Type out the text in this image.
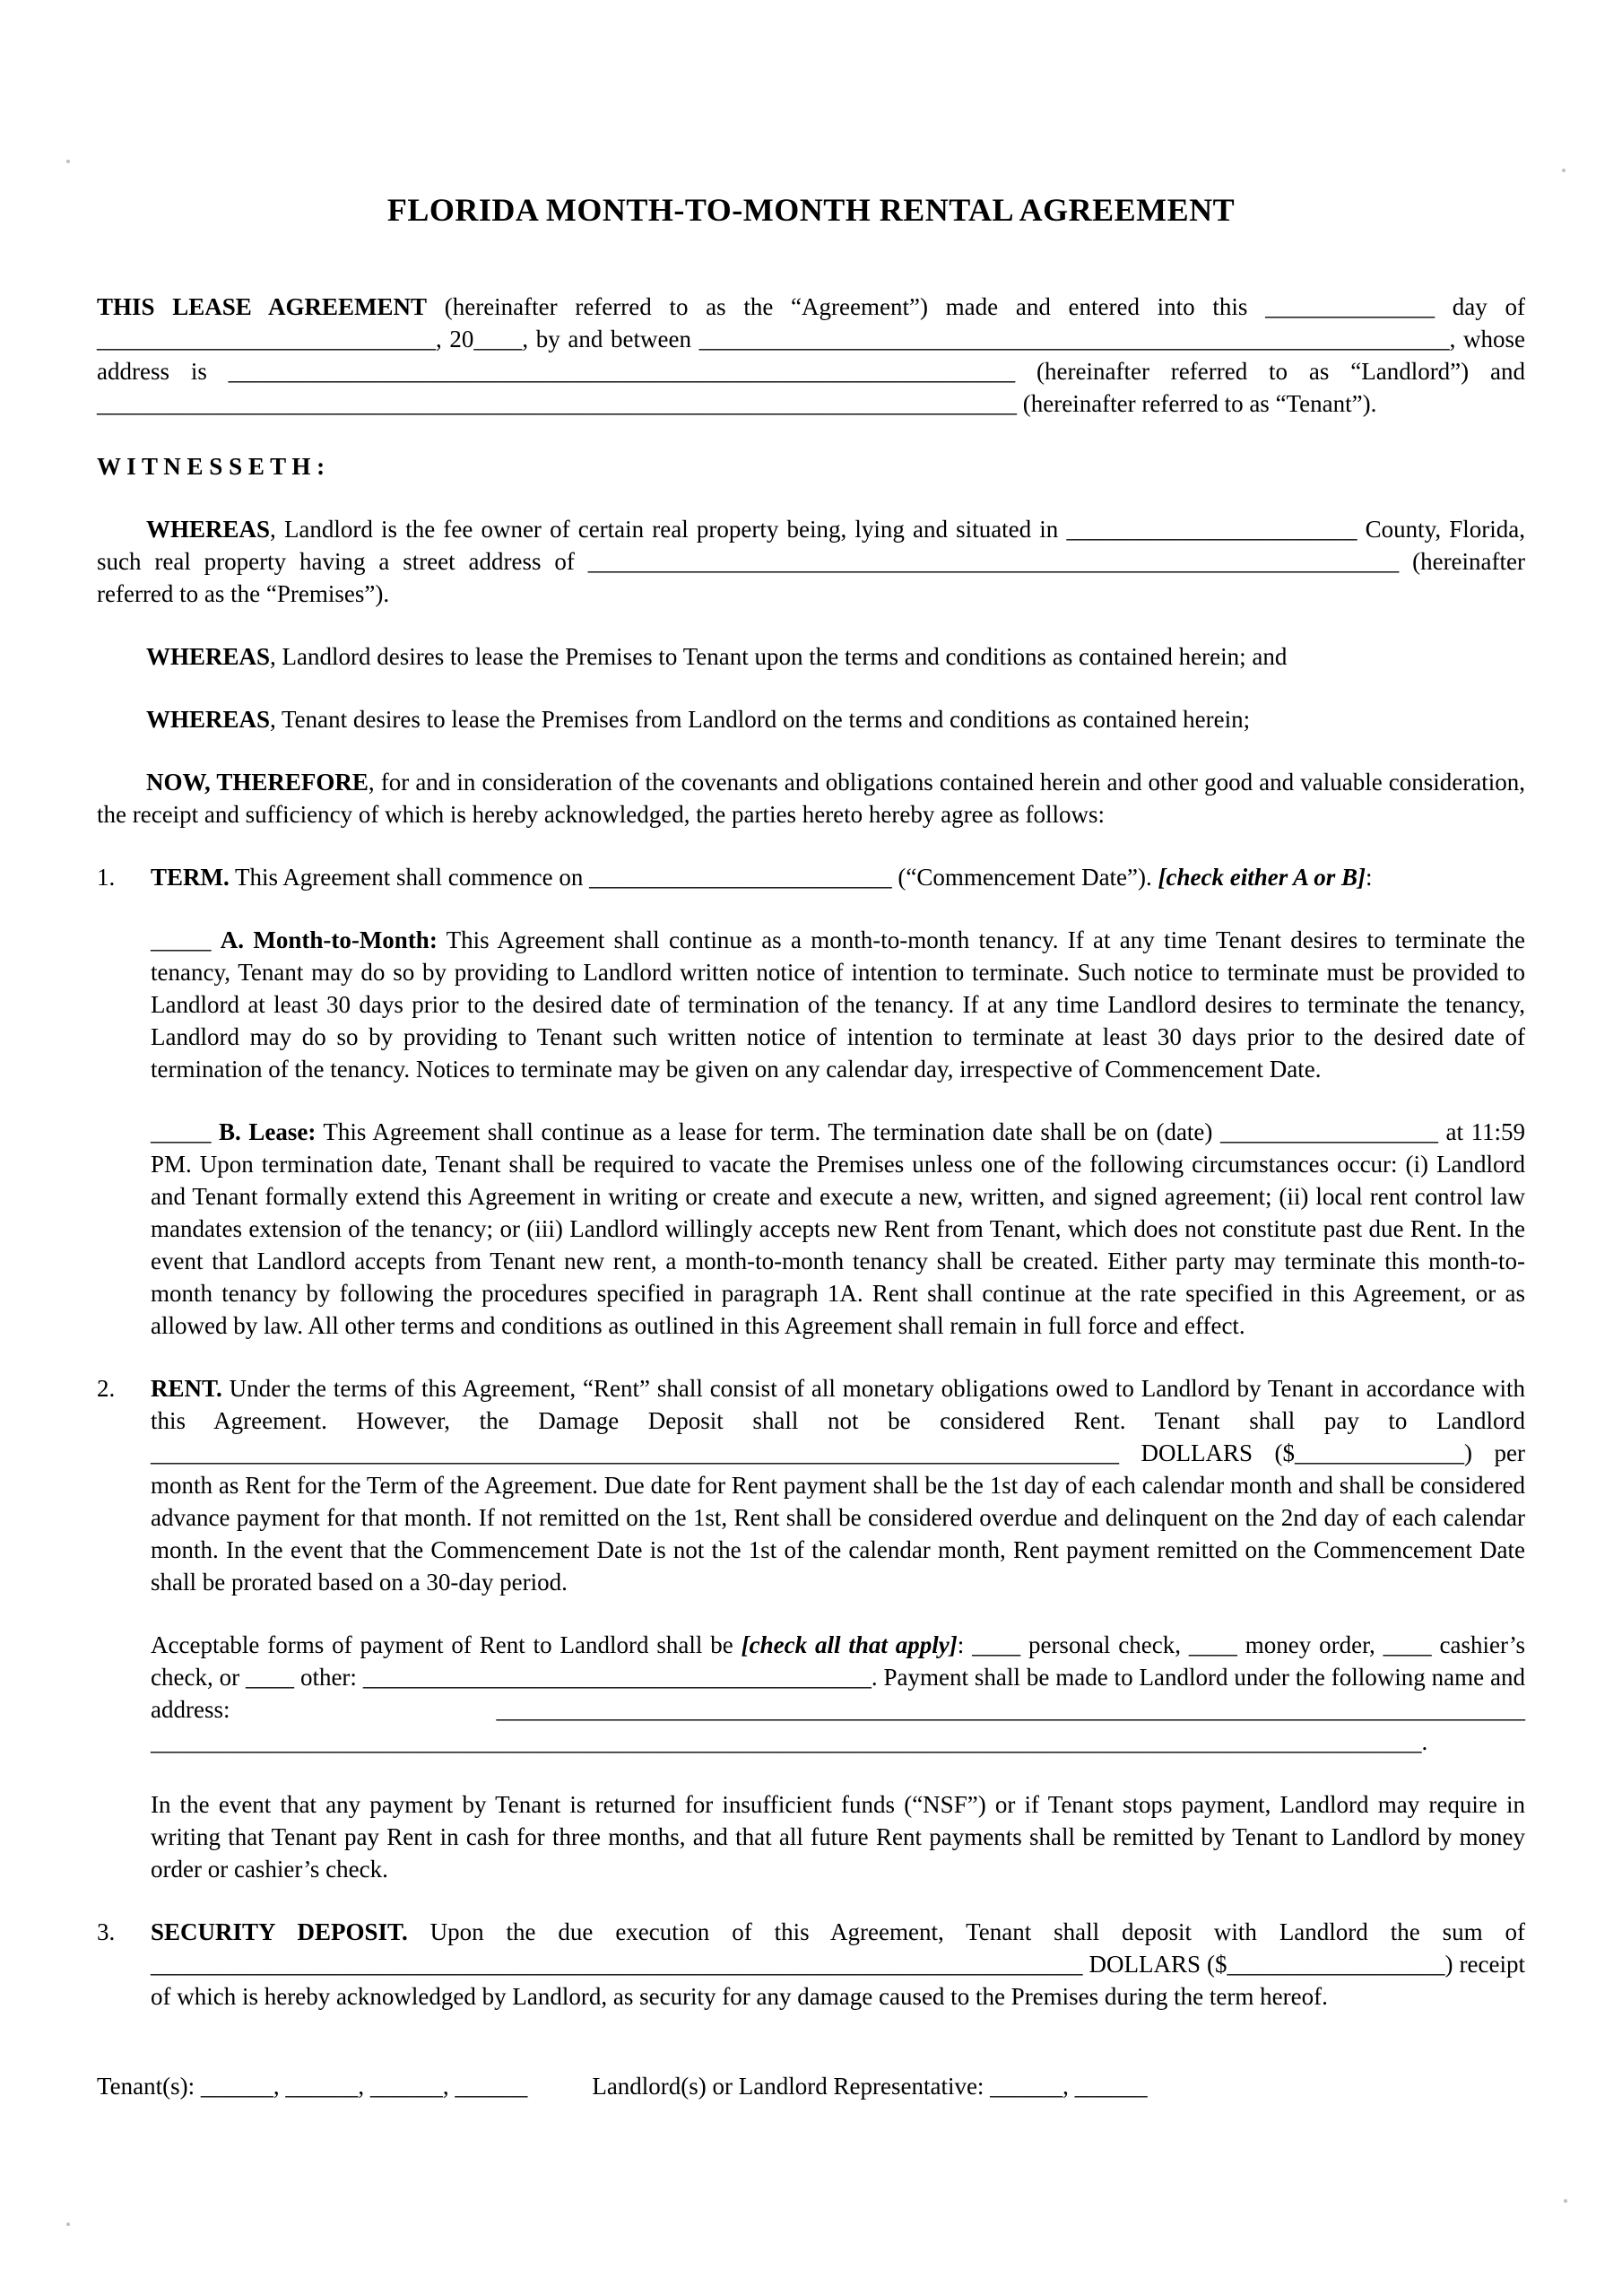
FLORIDA MONTH-TO-MONTH RENTAL AGREEMENT

THIS LEASE AGREEMENT (hereinafter referred to as the “Agreement”) made and entered into this ______________ day of ____________________________, 20____, by and between ______________________________________________________________, whose address is _________________________________________________________________ (hereinafter referred to as “Landlord”) and ____________________________________________________________________________ (hereinafter referred to as “Tenant”).

W I T N E S S E T H :

WHEREAS, Landlord is the fee owner of certain real property being, lying and situated in ________________________ County, Florida, such real property having a street address of ___________________________________________________________________ (hereinafter referred to as the “Premises”).

WHEREAS, Landlord desires to lease the Premises to Tenant upon the terms and conditions as contained herein; and

WHEREAS, Tenant desires to lease the Premises from Landlord on the terms and conditions as contained herein;

NOW, THEREFORE, for and in consideration of the covenants and obligations contained herein and other good and valuable consideration, the receipt and sufficiency of which is hereby acknowledged, the parties hereto hereby agree as follows:

1.	TERM. This Agreement shall commence on _________________________ (“Commencement Date”). [check either A or B]:

_____ A. Month-to-Month: This Agreement shall continue as a month-to-month tenancy. If at any time Tenant desires to terminate the tenancy, Tenant may do so by providing to Landlord written notice of intention to terminate. Such notice to terminate must be provided to Landlord at least 30 days prior to the desired date of termination of the tenancy. If at any time Landlord desires to terminate the tenancy, Landlord may do so by providing to Tenant such written notice of intention to terminate at least 30 days prior to the desired date of termination of the tenancy. Notices to terminate may be given on any calendar day, irrespective of Commencement Date.

_____ B. Lease: This Agreement shall continue as a lease for term. The termination date shall be on (date) __________________ at 11:59 PM. Upon termination date, Tenant shall be required to vacate the Premises unless one of the following circumstances occur: (i) Landlord and Tenant formally extend this Agreement in writing or create and execute a new, written, and signed agreement; (ii) local rent control law mandates extension of the tenancy; or (iii) Landlord willingly accepts new Rent from Tenant, which does not constitute past due Rent. In the event that Landlord accepts from Tenant new rent, a month-to-month tenancy shall be created. Either party may terminate this month-to-month tenancy by following the procedures specified in paragraph 1A. Rent shall continue at the rate specified in this Agreement, or as allowed by law. All other terms and conditions as outlined in this Agreement shall remain in full force and effect.

2.	RENT. Under the terms of this Agreement, “Rent” shall consist of all monetary obligations owed to Landlord by Tenant in accordance with this Agreement. However, the Damage Deposit shall not be considered Rent. Tenant shall pay to Landlord ________________________________________________________________________________ DOLLARS ($______________) per month as Rent for the Term of the Agreement. Due date for Rent payment shall be the 1st day of each calendar month and shall be considered advance payment for that month. If not remitted on the 1st, Rent shall be considered overdue and delinquent on the 2nd day of each calendar month. In the event that the Commencement Date is not the 1st of the calendar month, Rent payment remitted on the Commencement Date shall be prorated based on a 30-day period.

Acceptable forms of payment of Rent to Landlord shall be [check all that apply]: ____ personal check, ____ money order, ____ cashier’s check, or ____ other: __________________________________________. Payment shall be made to Landlord under the following name and address: _____________________________________________________________________________________ _________________________________________________________________________________________________________.

In the event that any payment by Tenant is returned for insufficient funds (“NSF”) or if Tenant stops payment, Landlord may require in writing that Tenant pay Rent in cash for three months, and that all future Rent payments shall be remitted by Tenant to Landlord by money order or cashier’s check.

3.	SECURITY DEPOSIT. Upon the due execution of this Agreement, Tenant shall deposit with Landlord the sum of _____________________________________________________________________________ DOLLARS ($__________________) receipt of which is hereby acknowledged by Landlord, as security for any damage caused to the Premises during the term hereof.

Tenant(s): ______, ______, ______, ______	Landlord(s) or Landlord Representative: ______, ______
